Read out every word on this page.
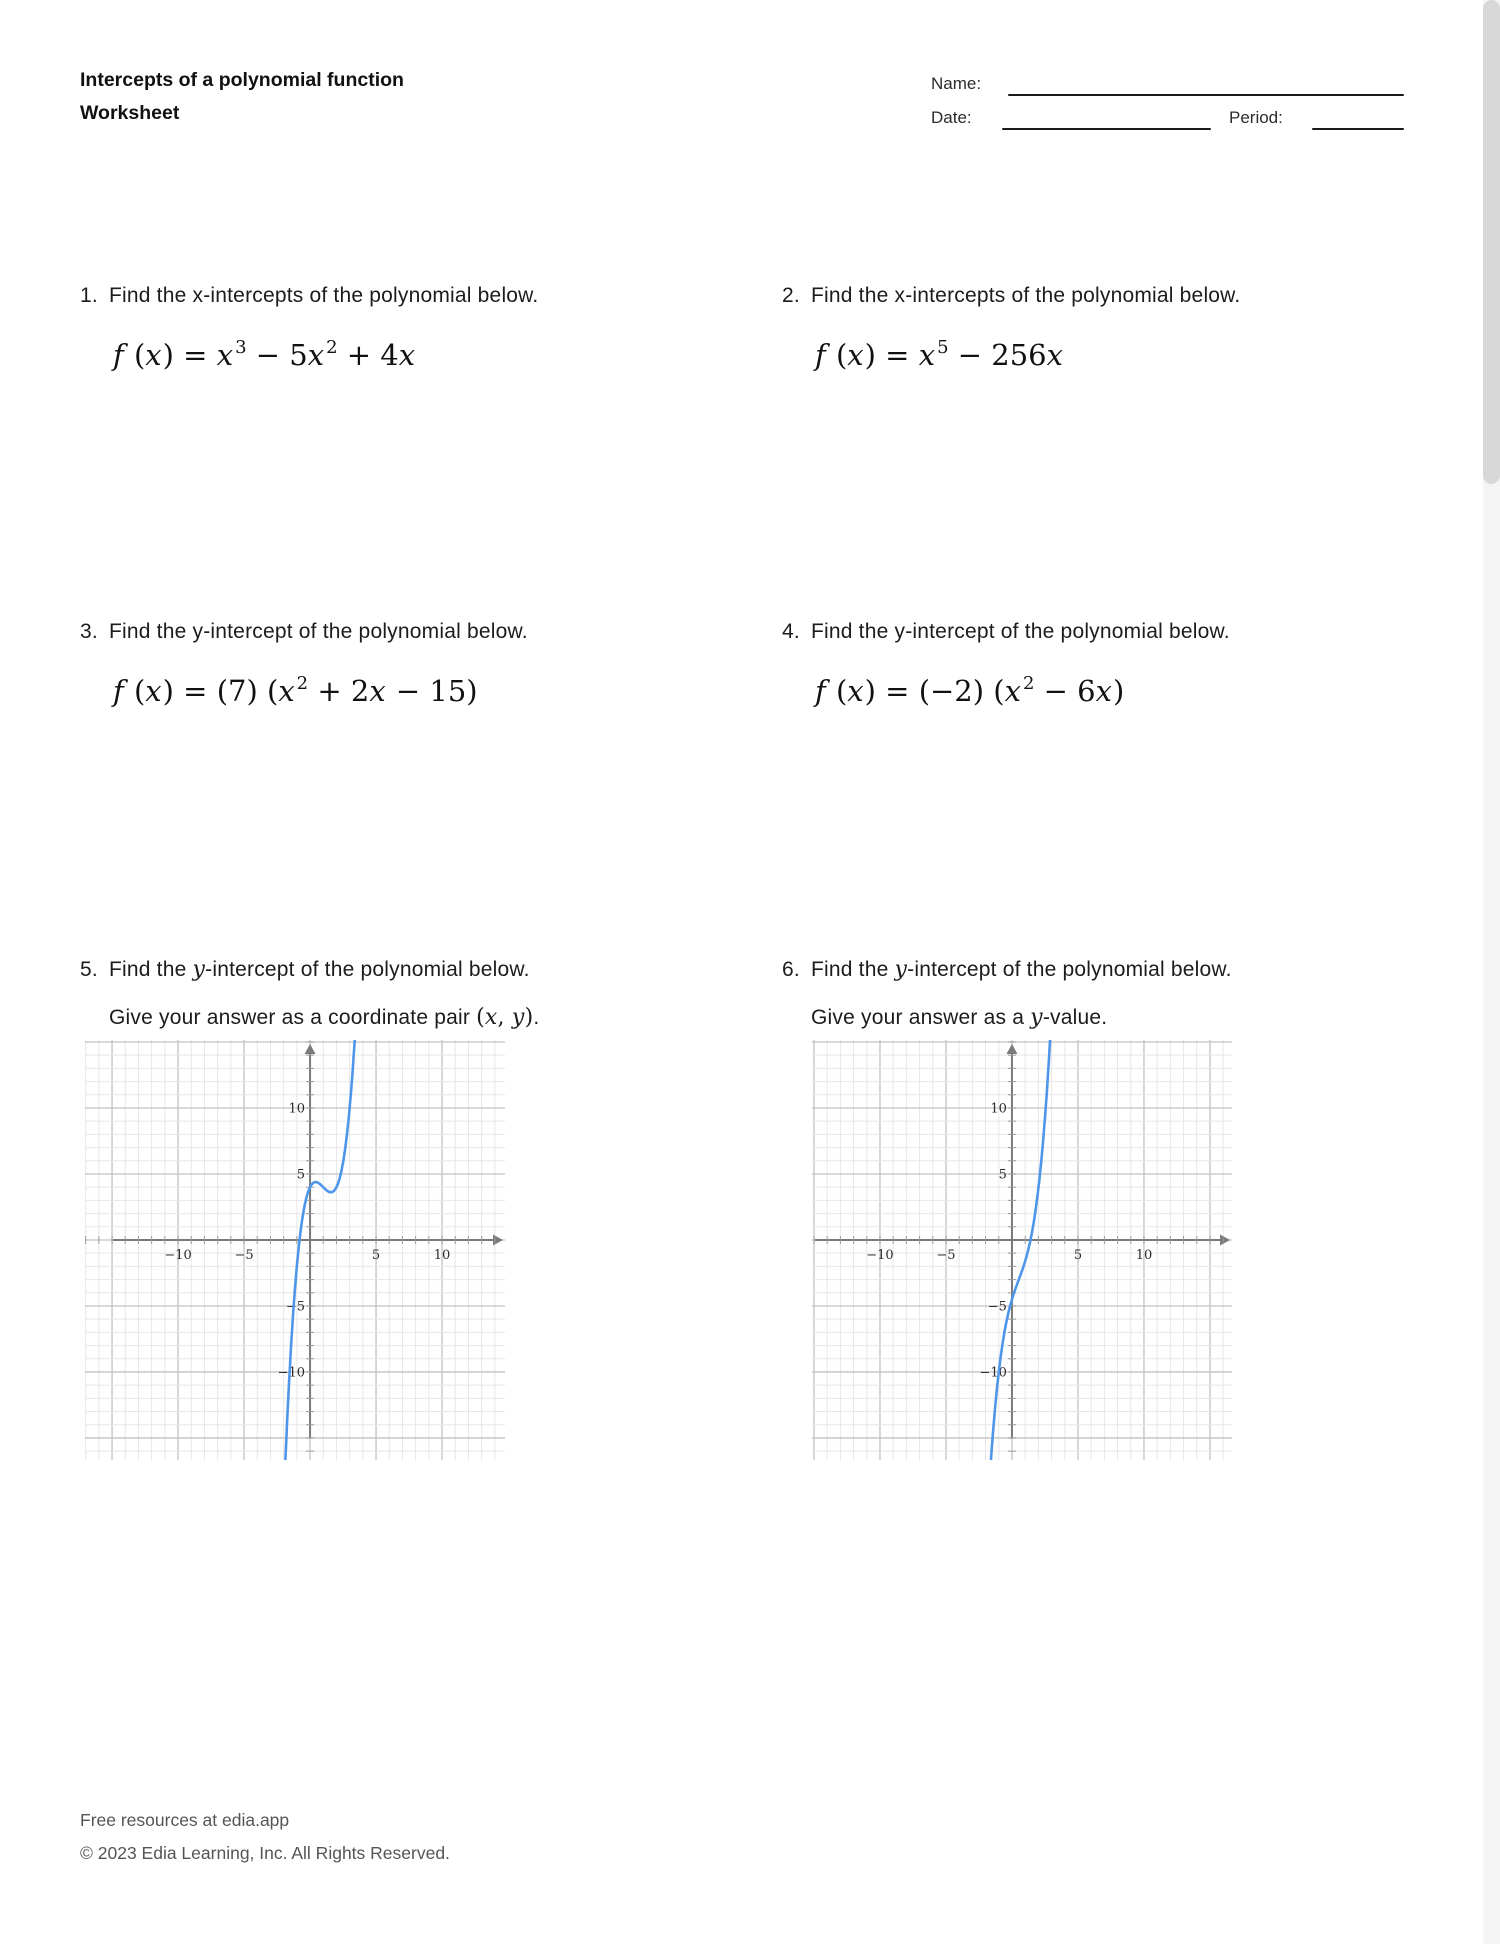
Intercepts of a polynomial function
Worksheet
Name:
Date:	Period:
1. Find the x-intercepts of the polynomial below.
f (x) = x $^3$ − 5x $^2$ + 4x
2. Find the x-intercepts of the polynomial below.
f (x) = x $^5$ − 256x
3. Find the y-intercept of the polynomial below.
f (x) = (7) (x $^2$ + 2x − 15)
4. Find the y-intercept of the polynomial below.
f (x) = (−2) (x $^2$ − 6x)
5. Find the y-intercept of the polynomial below.
Give your answer as a coordinate pair (x, y).
6. Find the y-intercept of the polynomial below.
Give your answer as a y-value.
−10
−10
−5
−5
5
5
10
10
−10
−10
−5
−5
5
5
10
10
Free resources at edia.app
© 2023 Edia Learning, Inc. All Rights Reserved.
